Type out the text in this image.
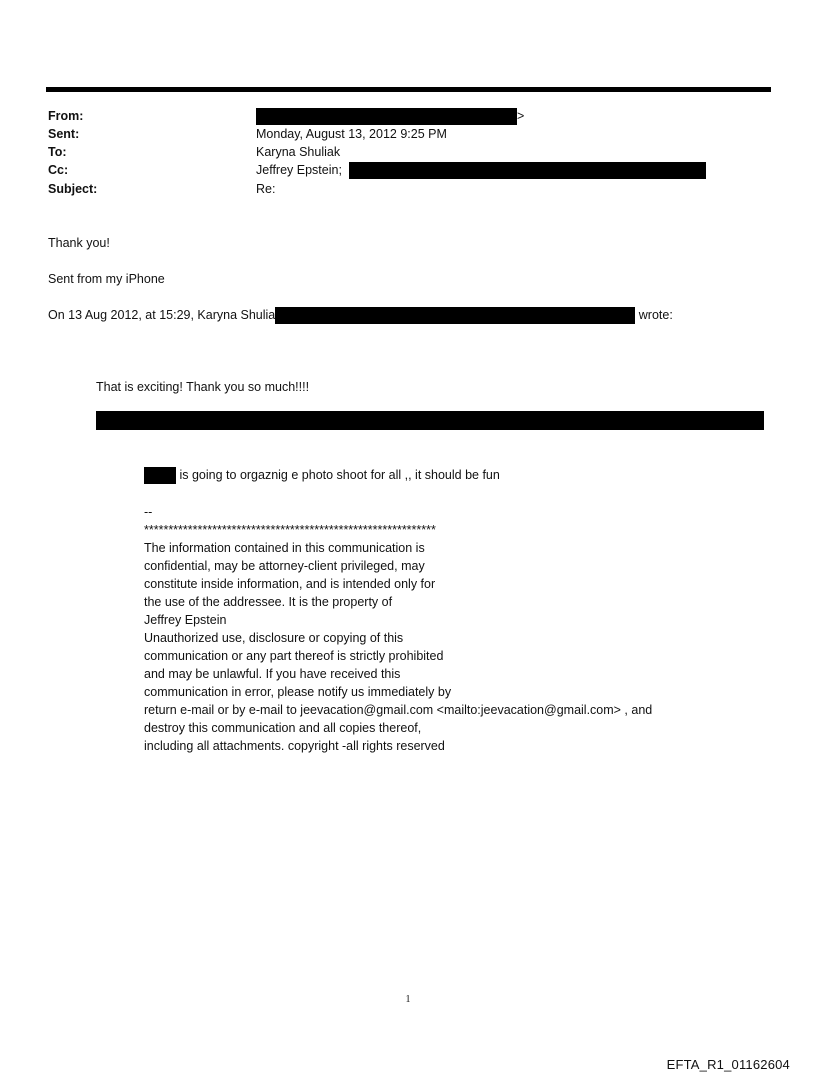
From:	>
Sent:	Monday, August 13, 2012 9:25 PM
To:	Karyna Shuliak
Cc:	Jeffrey Epstein;
Subject:	Re:
Thank you!
Sent from my iPhone
On 13 Aug 2012, at 15:29, Karyna Shulia	wrote:
That is exciting! Thank you so much!!!!
is going to orgaznig e photo shoot for all ,, it should be fun
--
************************************************************
The information contained in this communication is
confidential, may be attorney-client privileged, may
constitute inside information, and is intended only for
the use of the addressee. It is the property of
Jeffrey Epstein
Unauthorized use, disclosure or copying of this
communication or any part thereof is strictly prohibited
and may be unlawful. If you have received this
communication in error, please notify us immediately by
return e-mail or by e-mail to jeevacation@gmail.com <mailto:jeevacation@gmail.com> , and
destroy this communication and all copies thereof,
including all attachments. copyright -all rights reserved
1
EFTA_R1_01162604
